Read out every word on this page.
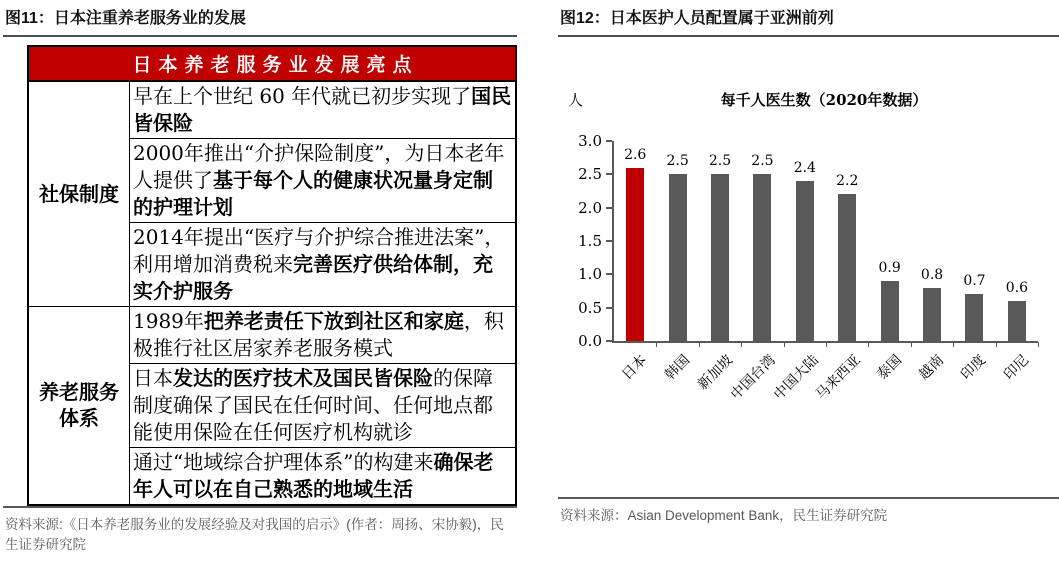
图11：日本注重养老服务业的发展
日本养老服务业发展亮点	
社保制度	早在上个世纪 60 年代就已初步实现了国民皆保险
	2000年推出“介护保险制度”，为日本老年人提供了基于每个人的健康状况量身定制的护理计划
	2014年提出“医疗与介护综合推进法案”，利用增加消费税来完善医疗供给体制，充实介护服务
养老服务体系	1989年把养老责任下放到社区和家庭，积极推行社区居家养老服务模式
	日本发达的医疗技术及国民皆保险的保障制度确保了国民在任何时间、任何地点都能使用保险在任何医疗机构就诊
	通过“地域综合护理体系”的构建来确保老年人可以在自己熟悉的地域生活

资料来源:《日本养老服务业的发展经验及对我国的启示》(作者：周扬、宋协毅)，民生证券研究院

图12：日本医护人员配置属于亚洲前列
人	每千人医生数（2020年数据）
3.0
2.5
2.0
1.5
1.0
0.5
0.0
2.6
日本
2.5
韩国
2.5
新加坡
2.5
中国台湾
2.4
中国大陆
2.2
马来西亚
0.9
泰国
0.8
越南
0.7
印度
0.6
印尼

资料来源：Asian Development Bank，民生证券研究院
